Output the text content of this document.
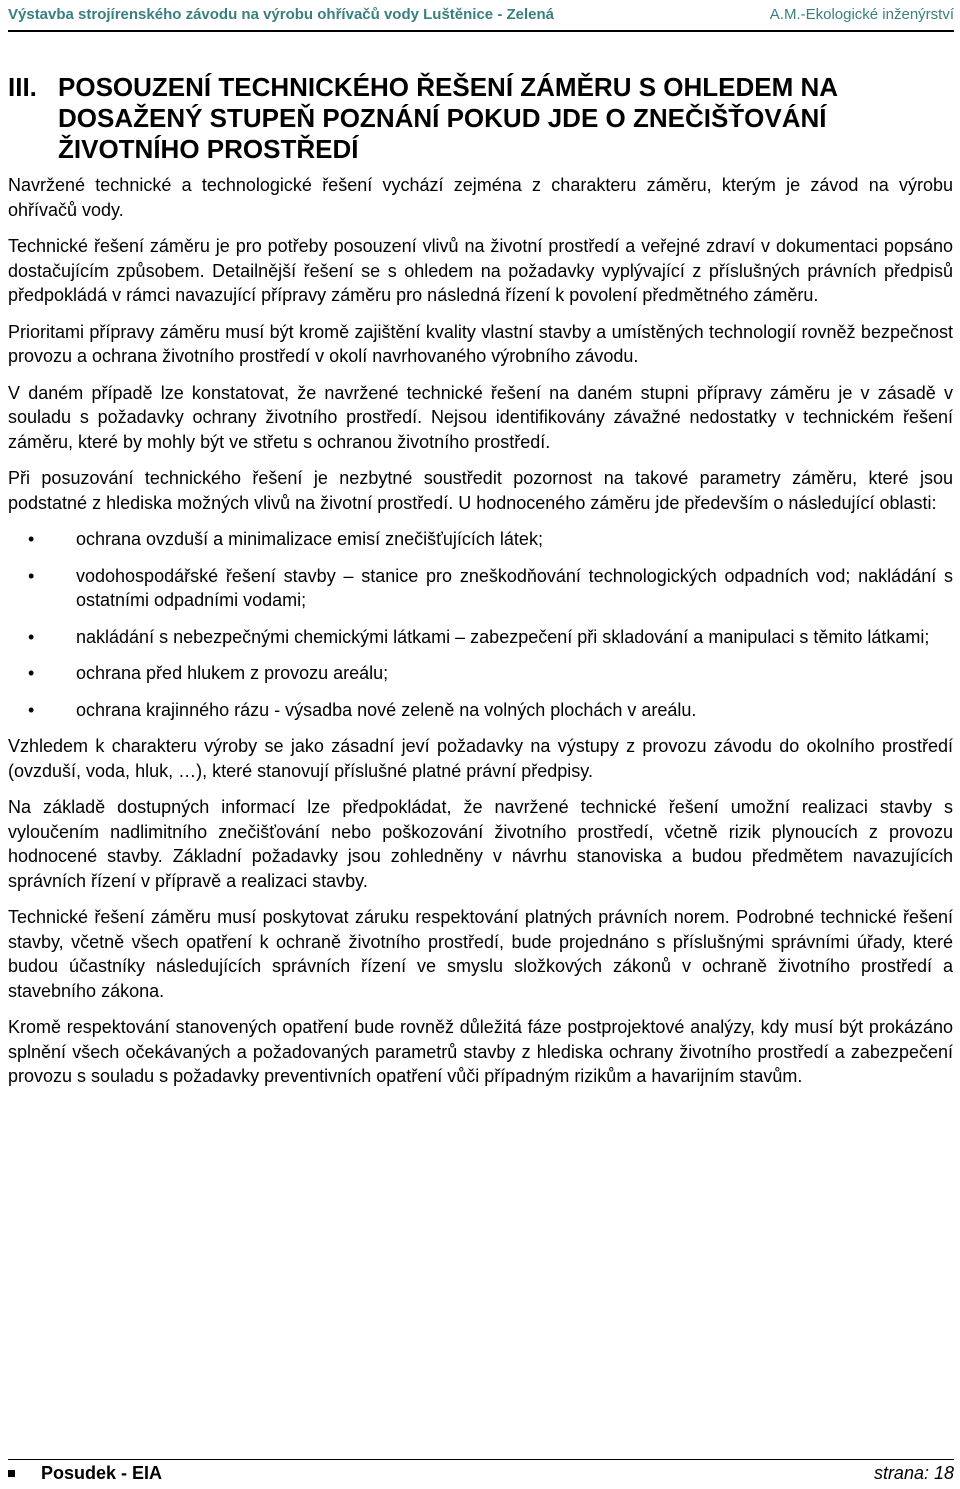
Výstavba strojírenského závodu na výrobu ohřívačů vody Luštěnice - Zelená	A.M.-Ekologické inženýrství
III. POSOUZENÍ TECHNICKÉHO ŘEŠENÍ ZÁMĚRU S OHLEDEM NA DOSAŽENÝ STUPEŇ POZNÁNÍ POKUD JDE O ZNEČIŠŤOVÁNÍ ŽIVOTNÍHO PROSTŘEDÍ

Navržené technické a technologické řešení vychází zejména z charakteru záměru, kterým je závod na výrobu ohřívačů vody.

Technické řešení záměru je pro potřeby posouzení vlivů na životní prostředí a veřejné zdraví v dokumentaci popsáno dostačujícím způsobem. Detailnější řešení se s ohledem na požadavky vyplývající z příslušných právních předpisů předpokládá v rámci navazující přípravy záměru pro následná řízení k povolení předmětného záměru.

Prioritami přípravy záměru musí být kromě zajištění kvality vlastní stavby a umístěných technologií rovněž bezpečnost provozu a ochrana životního prostředí v okolí navrhovaného výrobního závodu.

V daném případě lze konstatovat, že navržené technické řešení na daném stupni přípravy záměru je v zásadě v souladu s požadavky ochrany životního prostředí. Nejsou identifikovány závažné nedostatky v technickém řešení záměru, které by mohly být ve střetu s ochranou životního prostředí.

Při posuzování technického řešení je nezbytné soustředit pozornost na takové parametry záměru, které jsou podstatné z hlediska možných vlivů na životní prostředí. U hodnoceného záměru jde především o následující oblasti:

•	ochrana ovzduší a minimalizace emisí znečišťujících látek;
•	vodohospodářské řešení stavby – stanice pro zneškodňování technologických odpadních vod; nakládání s ostatními odpadními vodami;
•	nakládání s nebezpečnými chemickými látkami – zabezpečení při skladování a manipulaci s těmito látkami;
•	ochrana před hlukem z provozu areálu;
•	ochrana krajinného rázu - výsadba nové zeleně na volných plochách v areálu.

Vzhledem k charakteru výroby se jako zásadní jeví požadavky na výstupy z provozu závodu do okolního prostředí (ovzduší, voda, hluk, …), které stanovují příslušné platné právní předpisy.

Na základě dostupných informací lze předpokládat, že navržené technické řešení umožní realizaci stavby s vyloučením nadlimitního znečišťování nebo poškozování životního prostředí, včetně rizik plynoucích z provozu hodnocené stavby. Základní požadavky jsou zohledněny v návrhu stanoviska a budou předmětem navazujících správních řízení v přípravě a realizaci stavby.

Technické řešení záměru musí poskytovat záruku respektování platných právních norem. Podrobné technické řešení stavby, včetně všech opatření k ochraně životního prostředí, bude projednáno s příslušnými správními úřady, které budou účastníky následujících správních řízení ve smyslu složkových zákonů v ochraně životního prostředí a stavebního zákona.

Kromě respektování stanovených opatření bude rovněž důležitá fáze postprojektové analýzy, kdy musí být prokázáno splnění všech očekávaných a požadovaných parametrů stavby z hlediska ochrany životního prostředí a zabezpečení provozu s souladu s požadavky preventivních opatření vůči případným rizikům a havarijním stavům.

Posudek - EIA	strana: 18
